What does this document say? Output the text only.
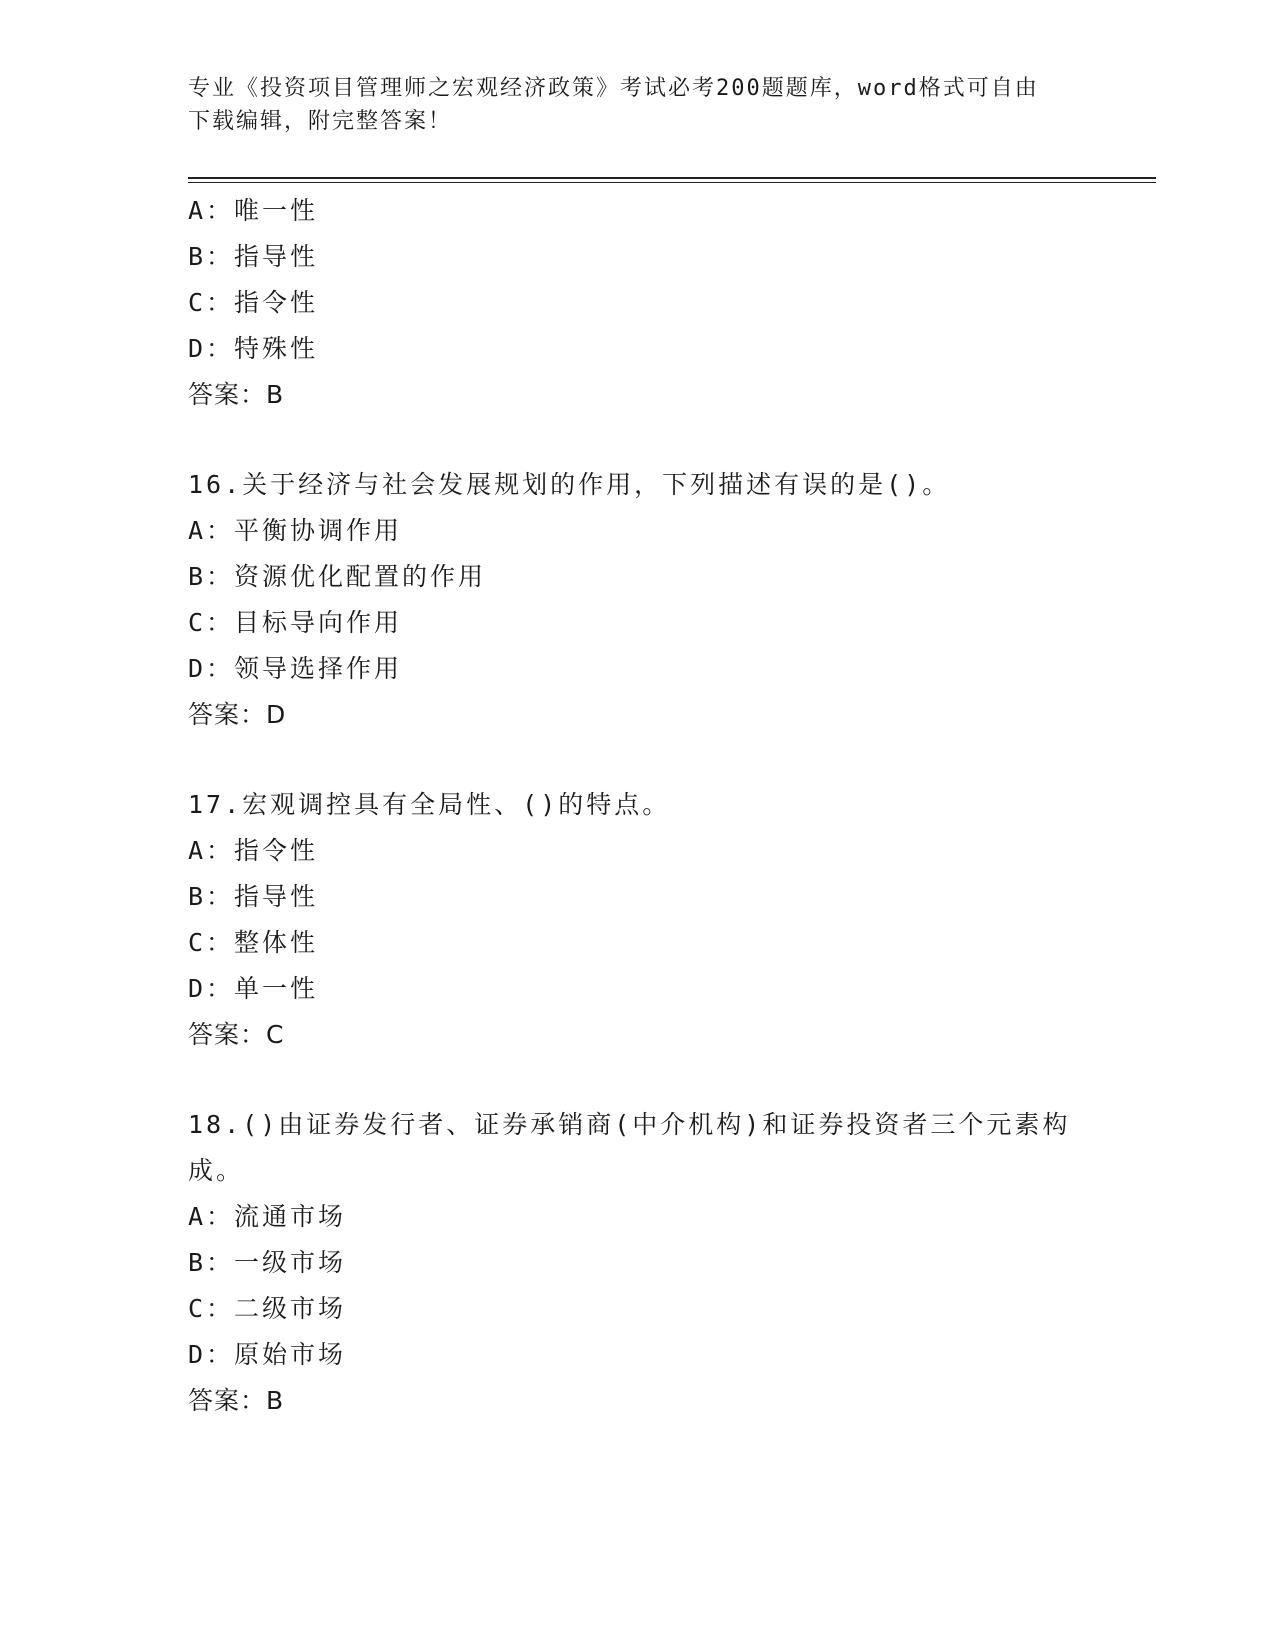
专业《投资项目管理师之宏观经济政策》考试必考200题题库，word格式可自由
下载编辑，附完整答案！
A：唯一性
B：指导性
C：指令性
D：特殊性
答案：B
16.关于经济与社会发展规划的作用，下列描述有误的是()。
A：平衡协调作用
B：资源优化配置的作用
C：目标导向作用
D：领导选择作用
答案：D
17.宏观调控具有全局性、()的特点。
A：指令性
B：指导性
C：整体性
D：单一性
答案：C
18.()由证券发行者、证券承销商(中介机构)和证券投资者三个元素构
成。
A：流通市场
B：一级市场
C：二级市场
D：原始市场
答案：B
